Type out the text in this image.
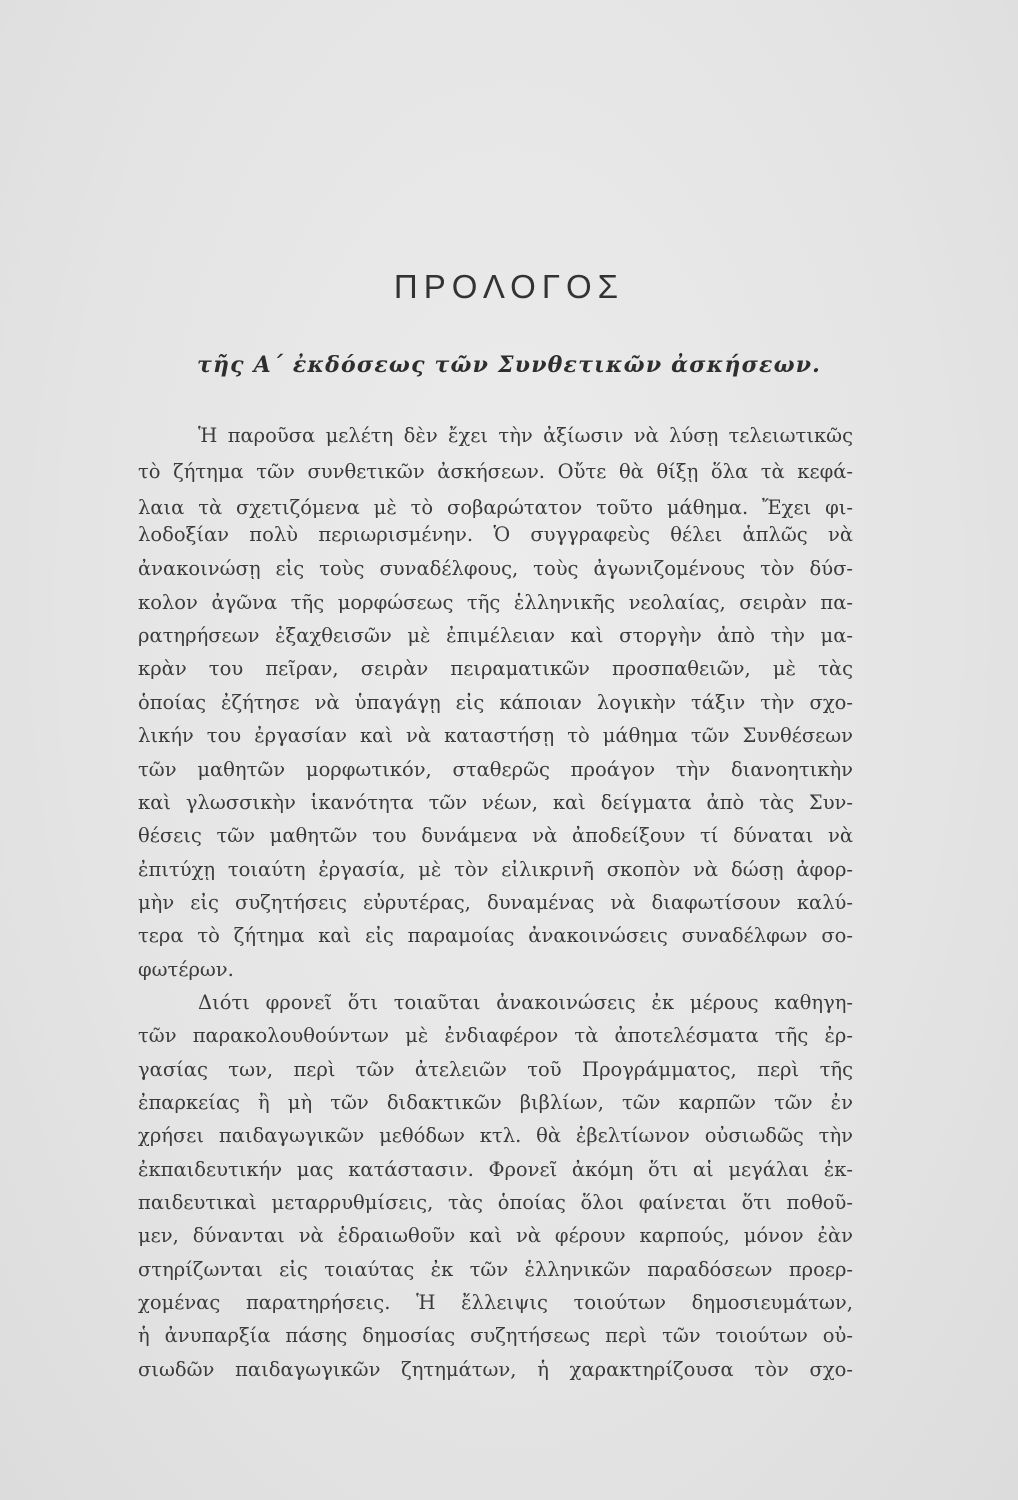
ΠΡΟΛΟΓΟΣ
τῆς Α΄ ἐκδόσεως τῶν Συνθετικῶν ἀσκήσεων.
Ἡ παροῦσα μελέτη δὲν ἔχει τὴν ἀξίωσιν νὰ λύσῃ τελειωτικῶς
τὸ ζήτημα τῶν συνθετικῶν ἀσκήσεων. Οὔτε θὰ θίξῃ ὅλα τὰ κεφά-
λαια τὰ σχετιζόμενα μὲ τὸ σοβαρώτατον τοῦτο μάθημα. Ἔχει φι-
λοδοξίαν πολὺ περιωρισμένην. Ὁ συγγραφεὺς θέλει ἁπλῶς νὰ
ἀνακοινώσῃ εἰς τοὺς συναδέλφους, τοὺς ἀγωνιζομένους τὸν δύσ-
κολον ἀγῶνα τῆς μορφώσεως τῆς ἑλληνικῆς νεολαίας, σειρὰν πα-
ρατηρήσεων ἐξαχθεισῶν μὲ ἐπιμέλειαν καὶ στοργὴν ἀπὸ τὴν μα-
κρὰν του πεῖραν, σειρὰν πειραματικῶν προσπαθειῶν, μὲ τὰς
ὁποίας ἐζήτησε νὰ ὑπαγάγῃ εἰς κάποιαν λογικὴν τάξιν τὴν σχο-
λικήν του ἐργασίαν καὶ νὰ καταστήσῃ τὸ μάθημα τῶν Συνθέσεων
τῶν μαθητῶν μορφωτικόν, σταθερῶς προάγον τὴν διανοητικὴν
καὶ γλωσσικὴν ἱκανότητα τῶν νέων, καὶ δείγματα ἀπὸ τὰς Συν-
θέσεις τῶν μαθητῶν του δυνάμενα νὰ ἀποδείξουν τί δύναται νὰ
ἐπιτύχῃ τοιαύτη ἐργασία, μὲ τὸν εἰλικρινῆ σκοπὸν νὰ δώσῃ ἀφορ-
μὴν εἰς συζητήσεις εὐρυτέρας, δυναμένας νὰ διαφωτίσουν καλύ-
τερα τὸ ζήτημα καὶ εἰς παραμοίας ἀνακοινώσεις συναδέλφων σο-
φωτέρων.
Διότι φρονεῖ ὅτι τοιαῦται ἀνακοινώσεις ἐκ μέρους καθηγη-
τῶν παρακολουθούντων μὲ ἐνδιαφέρον τὰ ἀποτελέσματα τῆς ἐρ-
γασίας των, περὶ τῶν ἀτελειῶν τοῦ Προγράμματος, περὶ τῆς
ἐπαρκείας ἢ μὴ τῶν διδακτικῶν βιβλίων, τῶν καρπῶν τῶν ἐν
χρήσει παιδαγωγικῶν μεθόδων κτλ. θὰ ἐβελτίωνον οὐσιωδῶς τὴν
ἐκπαιδευτικήν μας κατάστασιν. Φρονεῖ ἀκόμη ὅτι αἱ μεγάλαι ἐκ-
παιδευτικαὶ μεταρρυθμίσεις, τὰς ὁποίας ὅλοι φαίνεται ὅτι ποθοῦ-
μεν, δύνανται νὰ ἑδραιωθοῦν καὶ νὰ φέρουν καρπούς, μόνον ἐὰν
στηρίζωνται εἰς τοιαύτας ἐκ τῶν ἑλληνικῶν παραδόσεων προερ-
χομένας παρατηρήσεις. Ἡ ἔλλειψις τοιούτων δημοσιευμάτων,
ἡ ἀνυπαρξία πάσης δημοσίας συζητήσεως περὶ τῶν τοιούτων οὐ-
σιωδῶν παιδαγωγικῶν ζητημάτων, ἡ χαρακτηρίζουσα τὸν σχο-
